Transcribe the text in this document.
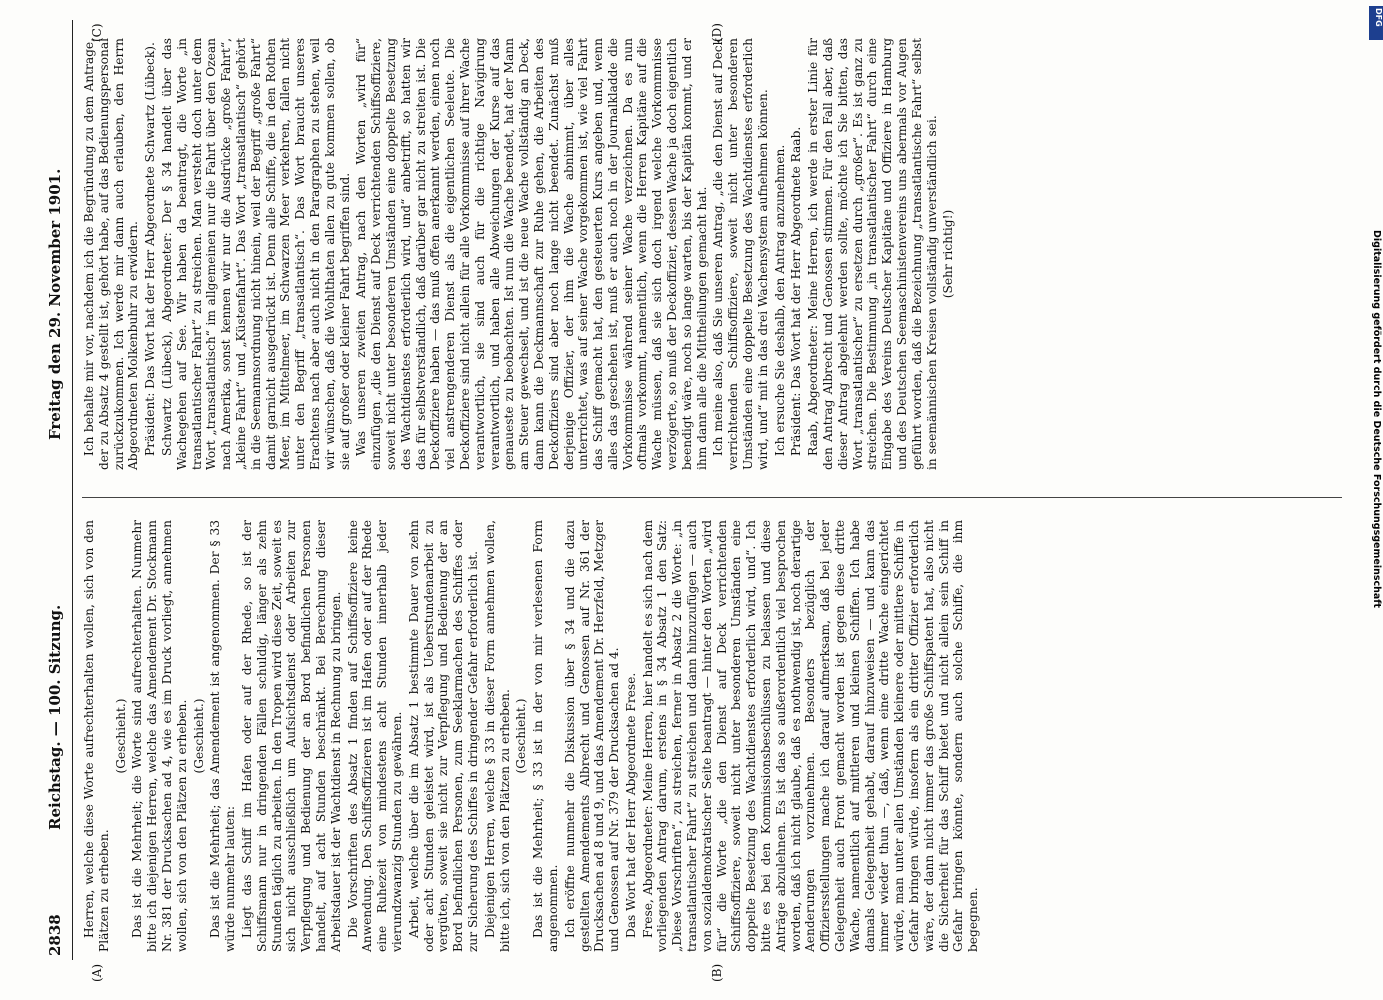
2838
Reichstag. — 100. Sitzung.
Freitag den 29. November 1901.
(A)	(B)
(C)	(D)

Herren, welche diese Worte aufrechterhalten wollen, sich von den Plätzen zu erheben.

(Geschieht.) Das ist die Mehrheit; die Worte sind aufrechterhalten. Nunmehr bitte ich diejenigen Herren, welche das Amendement Dr. Stockmann Nr. 381 der Drucksachen ad 4, wie es im Druck vorliegt, annehmen wollen, sich von den Plätzen zu erheben. (Geschieht.) Das ist die Mehrheit; das Amendement ist angenommen. Der § 33 würde nunmehr lauten: Liegt das Schiff im Hafen oder auf der Rhede, so ist der Schiffsmann nur in dringenden Fällen schuldig, länger als zehn Stunden täglich zu arbeiten. In den Tropen wird diese Zeit, soweit es sich nicht ausschließlich um Aufsichtsdienst oder Arbeiten zur Verpflegung und Bedienung der an Bord befindlichen Personen handelt, auf acht Stunden beschränkt. Bei Berechnung dieser Arbeitsdauer ist der Wachtdienst in Rechnung zu bringen. Die Vorschriften des Absatz 1 finden auf Schiffsoffiziere keine Anwendung. Den Schiffsoffizieren ist im Hafen oder auf der Rhede eine Ruhezeit von mindestens acht Stunden innerhalb jeder vierundzwanzig Stunden zu gewähren. Arbeit, welche über die im Absatz 1 bestimmte Dauer von zehn oder acht Stunden geleistet wird, ist als Ueberstundenarbeit zu vergüten, soweit sie nicht zur Verpflegung und Bedienung der an Bord befindlichen Personen, zum Seeklarmachen des Schiffes oder zur Sicherung des Schiffes in dringender Gefahr erforderlich ist. Diejenigen Herren, welche § 33 in dieser Form annehmen wollen, bitte ich, sich von den Plätzen zu erheben. (Geschieht.) Das ist die Mehrheit; § 33 ist in der von mir verlesenen Form angenommen. Ich eröffne nunmehr die Diskussion über § 34 und die dazu gestellten Amendements Albrecht und Genossen auf Nr. 361 der Drucksachen ad 8 und 9, und das Amendement Dr. Herzfeld, Metzger und Genossen auf Nr. 379 der Drucksachen ad 4. Das Wort hat der Herr Abgeordnete Frese. Frese, Abgeordneter: Meine Herren, hier handelt es sich nach dem vorliegenden Antrag darum, erstens in § 34 Absatz 1 den Satz: „Diese Vorschriften“, zu streichen, ferner in Absatz 2 die Worte: „in transatlantischer Fahrt“ zu streichen und dann hinzuzufügen — auch von sozialdemokratischer Seite beantragt — hinter den Worten „wird für“ die Worte „die den Dienst auf Deck verrichtenden Schiffsoffiziere, soweit nicht unter besonderen Umständen eine doppelte Besetzung des Wachtdienstes erforderlich wird, und“. Ich bitte es bei den Kommissionsbeschlüssen zu belassen und diese Anträge abzulehnen. Es ist das so außerordentlich viel besprochen worden, daß ich nicht glaube, daß es nothwendig ist, noch derartige Aenderungen vorzunehmen. Besonders bezüglich der Offiziersstellungen mache ich darauf aufmerksam, daß bei jeder Gelegenheit auch Front gemacht worden ist gegen diese dritte Wache, namentlich auf mittleren und kleinen Schiffen. Ich habe damals Gelegenheit gehabt, darauf hinzuweisen — und kann das immer wieder thun —, daß, wenn eine dritte Wache eingerichtet würde, man unter allen Umständen kleinere oder mittlere Schiffe in Gefahr bringen würde, insofern als ein dritter Offizier erforderlich wäre, der dann nicht immer das große Schiffspatent hat, also nicht die Sicherheit für das Schiff bietet und nicht allein sein Schiff in Gefahr bringen könnte, sondern auch solche Schiffe, die ihm begegnen.

Ich behalte mir vor, nachdem ich die Begründung zu dem Antrage, der zu Absatz 4 gestellt ist, gehört habe, auf das Bedienungspersonal zurückzukommen. Ich werde mir dann auch erlauben, den Herrn Abgeordneten Molkenbuhr zu erwidern. Präsident: Das Wort hat der Herr Abgeordnete Schwartz (Lübeck). Schwartz (Lübeck), Abgeordneter: Der § 34 handelt über das Wachegehen auf See. Wir haben da beantragt, die Worte „in transatlantischer Fahrt“ zu streichen. Man versteht doch unter dem Wort „transatlantisch“ im allgemeinen nur die Fahrt über den Ozean nach Amerika, sonst kennen wir nur die Ausdrücke „große Fahrt“, „kleine Fahrt“ und „Küstenfahrt“. Das Wort „transatlantisch“ gehört in die Seemannsordnung nicht hinein, weil der Begriff „große Fahrt“ damit garnicht ausgedrückt ist. Denn alle Schiffe, die in den Rothen Meer, im Mittelmeer, im Schwarzen Meer verkehren, fallen nicht unter den Begriff „transatlantisch“. Das Wort braucht unseres Erachtens nach aber auch nicht in den Paragraphen zu stehen, weil wir wünschen, daß die Wohlthaten allen zu gute kommen sollen, ob sie auf großer oder kleiner Fahrt begriffen sind. Was unseren zweiten Antrag, nach den Worten „wird für“ einzufügen „die den Dienst auf Deck verrichtenden Schiffsoffiziere, soweit nicht unter besonderen Umständen eine doppelte Besetzung des Wachtdienstes erforderlich wird, und“ anbetrifft, so hatten wir das für selbstverständlich, daß darüber gar nicht zu streiten ist. Die Deckoffiziere haben — das muß offen anerkannt werden, einen noch viel anstrengenderen Dienst als die eigentlichen Seeleute. Die Deckoffiziere sind nicht allein für alle Vorkommnisse auf ihrer Wache verantwortlich, sie sind auch für die richtige Navigirung verantwortlich, und haben alle Abweichungen der Kurse auf das genaueste zu beobachten. Ist nun die Wache beendet, hat der Mann am Steuer gewechselt, und ist die neue Wache vollständig an Deck, dann kann die Deckmannschaft zur Ruhe gehen, die Arbeiten des Deckoffiziers sind aber noch lange nicht beendet. Zunächst muß derjenige Offizier, der ihm die Wache abnimmt, über alles unterrichtet, was auf seiner Wache vorgekommen ist, wie viel Fahrt das Schiff gemacht hat, den gesteuerten Kurs angeben und, wenn alles das geschehen ist, muß er auch noch in der Journalkladde die Vorkommnisse während seiner Wache verzeichnen. Da es nun oftmals vorkommt, namentlich, wenn die Herren Kapitäne auf die Wache müssen, daß sie sich doch irgend welche Vorkommnisse verzögerte, so muß der Deckoffizier, dessen Wache ja doch eigentlich beendigt wäre, noch so lange warten, bis der Kapitän kommt, und er ihm dann alle die Mittheilungen gemacht hat. Ich meine also, daß Sie unseren Antrag, „die den Dienst auf Deck verrichtenden Schiffsoffiziere, soweit nicht unter besonderen Umständen eine doppelte Besetzung des Wachtdienstes erforderlich wird, und“ mit in das drei Wachensystem aufnehmen können. Ich ersuche Sie deshalb, den Antrag anzunehmen. Präsident: Das Wort hat der Herr Abgeordnete Raab. Raab, Abgeordneter: Meine Herren, ich werde in erster Linie für den Antrag Albrecht und Genossen stimmen. Für den Fall aber, daß dieser Antrag abgelehnt werden sollte, möchte ich Sie bitten, das Wort „transatlantischer“ zu ersetzen durch „großer“. Es ist ganz zu streichen. Die Bestimmung „in transatlantischer Fahrt“ durch eine Eingabe des Vereins Deutscher Kapitäne und Offiziere in Hamburg und des Deutschen Seemaschinistenvereins uns abermals vor Augen geführt worden, daß die Bezeichnung „transatlantische Fahrt“ selbst in seemännischen Kreisen vollständig unverständlich sei. (Sehr richtig!)

DFG
Digitalisierung gefördert durch die Deutsche Forschungsgemeinschaft
